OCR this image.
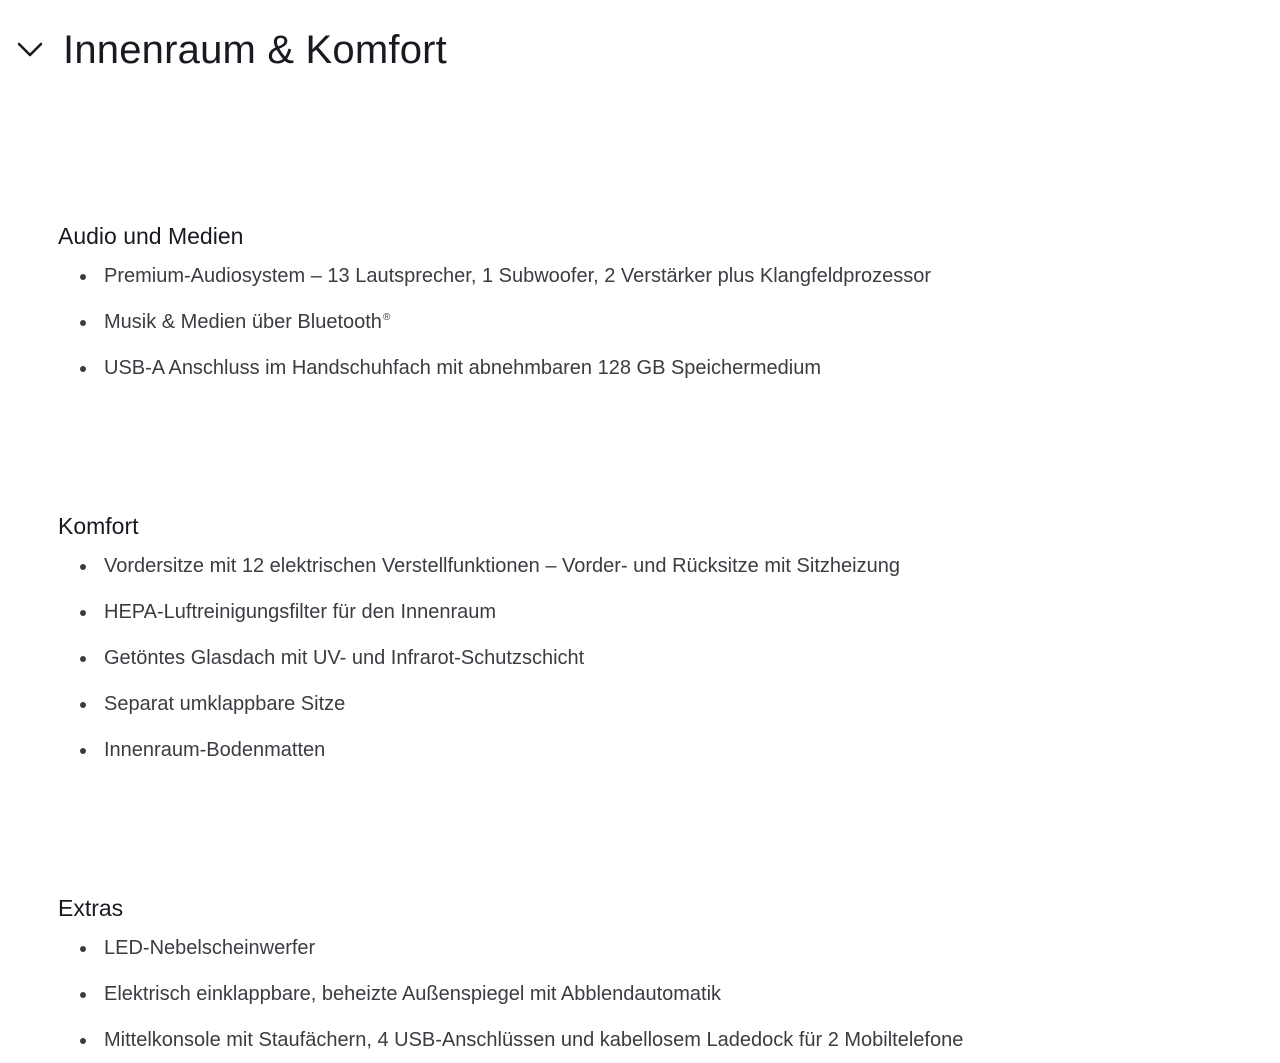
Innenraum & Komfort
Audio und Medien
Premium-Audiosystem – 13 Lautsprecher, 1 Subwoofer, 2 Verstärker plus Klangfeldprozessor
Musik & Medien über Bluetooth®
USB-A Anschluss im Handschuhfach mit abnehmbaren 128 GB Speichermedium
Komfort
Vordersitze mit 12 elektrischen Verstellfunktionen – Vorder- und Rücksitze mit Sitzheizung
HEPA-Luftreinigungsfilter für den Innenraum
Getöntes Glasdach mit UV- und Infrarot-Schutzschicht
Separat umklappbare Sitze
Innenraum-Bodenmatten
Extras
LED-Nebelscheinwerfer
Elektrisch einklappbare, beheizte Außenspiegel mit Abblendautomatik
Mittelkonsole mit Staufächern, 4 USB-Anschlüssen und kabellosem Ladedock für 2 Mobiltelefone
